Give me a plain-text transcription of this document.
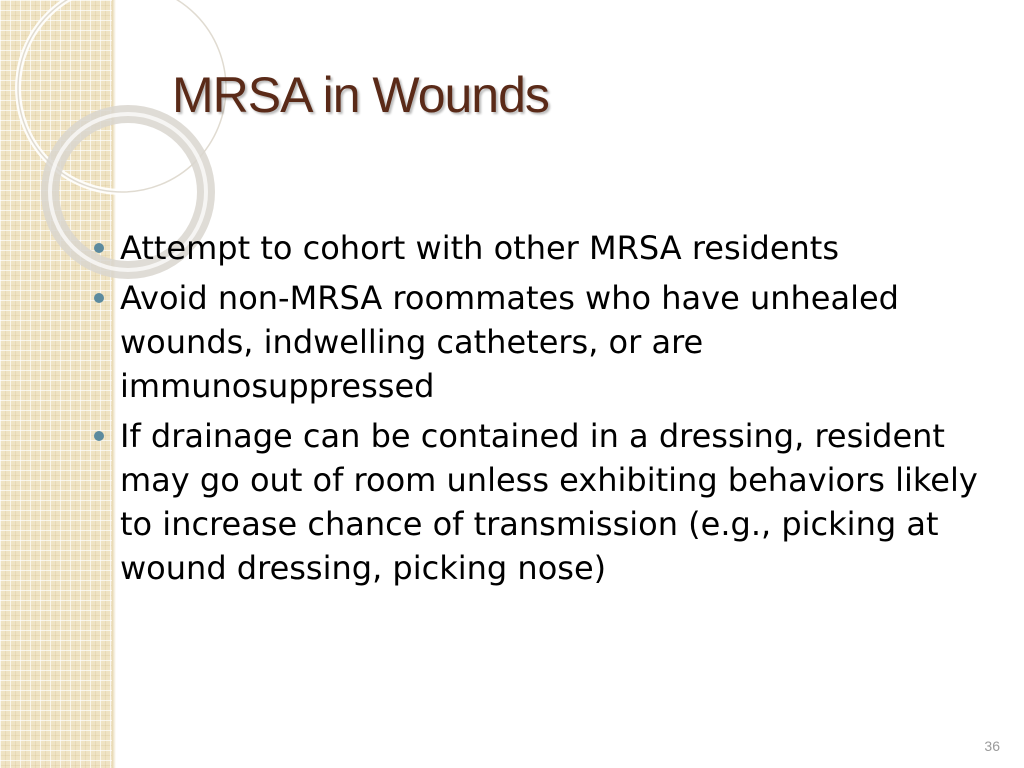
MRSA in Wounds
Attempt to cohort with other MRSA residents
Avoid non-MRSA roommates who have unhealed wounds, indwelling catheters, or are immunosuppressed
If drainage can be contained in a dressing, resident may go out of room unless exhibiting behaviors likely to increase chance of transmission (e.g., picking at wound dressing, picking nose)
36
